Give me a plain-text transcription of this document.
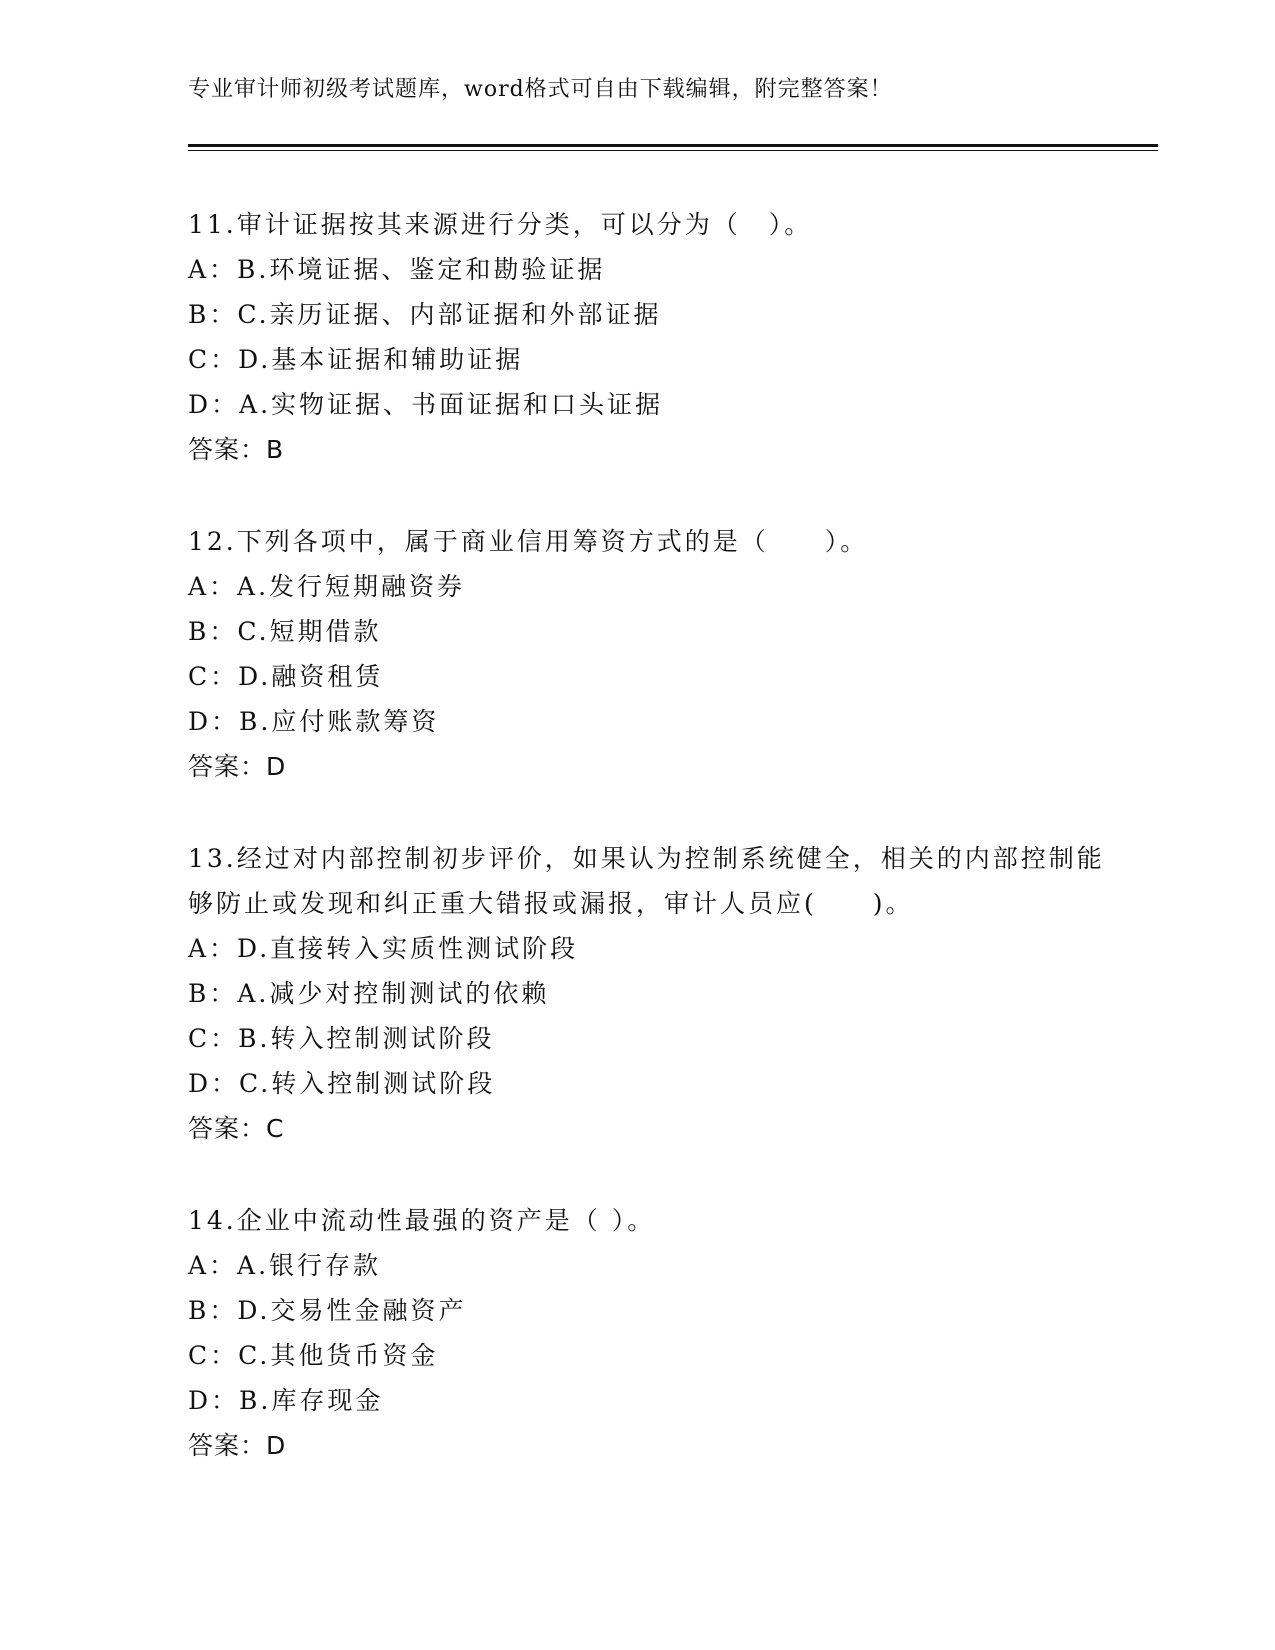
专业审计师初级考试题库，word格式可自由下载编辑，附完整答案！
11.审计证据按其来源进行分类，可以分为（　）。
A：B.环境证据、鉴定和勘验证据
B：C.亲历证据、内部证据和外部证据
C：D.基本证据和辅助证据
D：A.实物证据、书面证据和口头证据
答案：B
12.下列各项中，属于商业信用筹资方式的是（　　）。
A：A.发行短期融资券
B：C.短期借款
C：D.融资租赁
D：B.应付账款筹资
答案：D
13.经过对内部控制初步评价，如果认为控制系统健全，相关的内部控制能够防止或发现和纠正重大错报或漏报，审计人员应(　　)。
A：D.直接转入实质性测试阶段
B：A.减少对控制测试的依赖
C：B.转入控制测试阶段
D：C.转入控制测试阶段
答案：C
14.企业中流动性最强的资产是（ ）。
A：A.银行存款
B：D.交易性金融资产
C：C.其他货币资金
D：B.库存现金
答案：D
